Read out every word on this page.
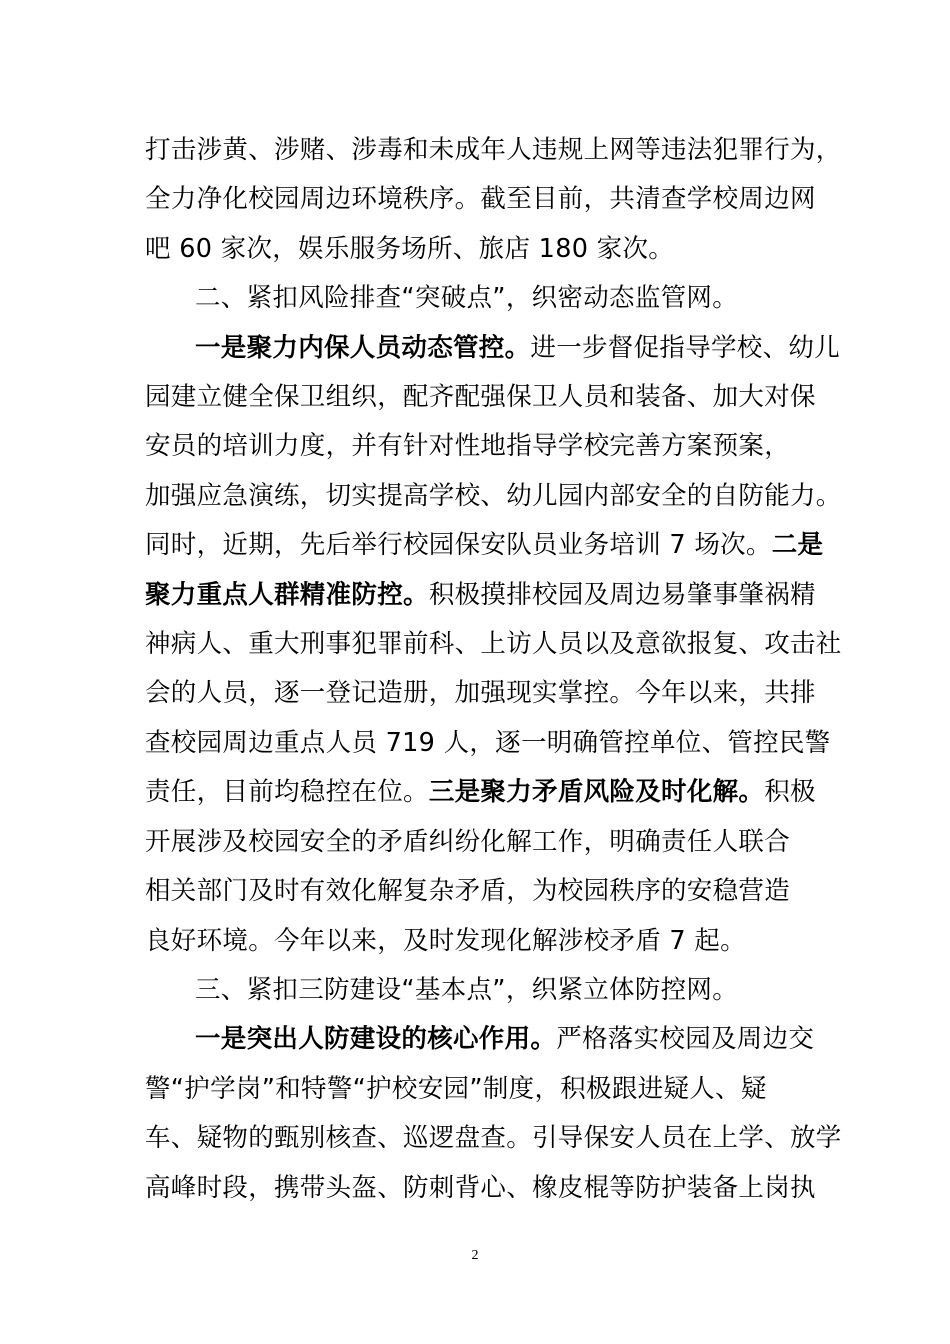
打击涉黄、涉赌、涉毒和未成年人违规上网等违法犯罪行为，
全力净化校园周边环境秩序。截至目前，共清查学校周边网
吧 60 家次，娱乐服务场所、旅店 180 家次。
二、紧扣风险排查“突破点”，织密动态监管网。
一是聚力内保人员动态管控。进一步督促指导学校、幼儿
园建立健全保卫组织，配齐配强保卫人员和装备、加大对保
安员的培训力度，并有针对性地指导学校完善方案预案，
加强应急演练，切实提高学校、幼儿园内部安全的自防能力。
同时，近期，先后举行校园保安队员业务培训 7 场次。二是
聚力重点人群精准防控。积极摸排校园及周边易肇事肇祸精
神病人、重大刑事犯罪前科、上访人员以及意欲报复、攻击社
会的人员，逐一登记造册，加强现实掌控。今年以来，共排
查校园周边重点人员 719 人，逐一明确管控单位、管控民警
责任，目前均稳控在位。三是聚力矛盾风险及时化解。积极
开展涉及校园安全的矛盾纠纷化解工作，明确责任人联合
相关部门及时有效化解复杂矛盾，为校园秩序的安稳营造
良好环境。今年以来，及时发现化解涉校矛盾 7 起。
三、紧扣三防建设“基本点”，织紧立体防控网。
一是突出人防建设的核心作用。严格落实校园及周边交
警“护学岗”和特警“护校安园”制度，积极跟进疑人、疑
车、疑物的甄别核查、巡逻盘查。引导保安人员在上学、放学
高峰时段，携带头盔、防刺背心、橡皮棍等防护装备上岗执
2
